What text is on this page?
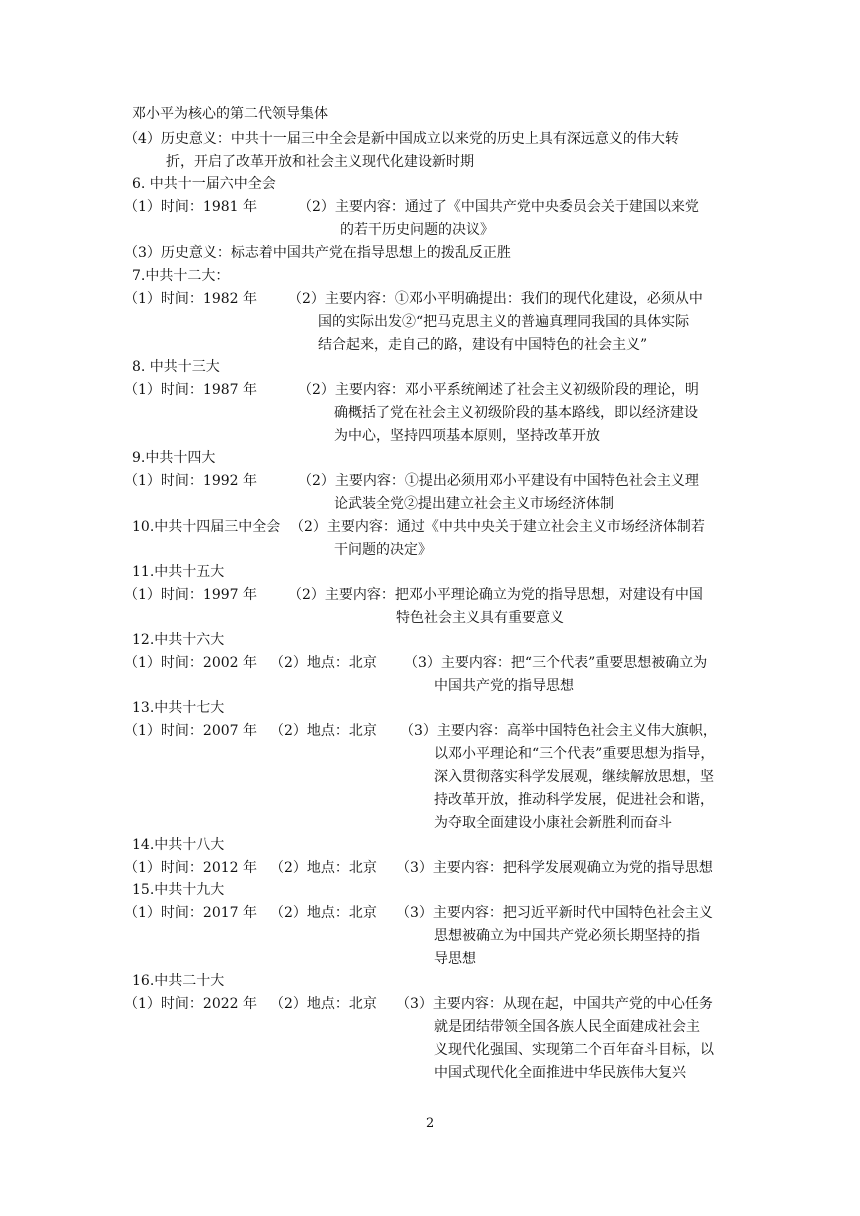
邓小平为核心的第二代领导集体
（4）历史意义：中共十一届三中全会是新中国成立以来党的历史上具有深远意义的伟大转
折，开启了改革开放和社会主义现代化建设新时期
6. 中共十一届六中全会
（1）时间：1981 年	（2）主要内容：通过了《中国共产党中央委员会关于建国以来党
的若干历史问题的决议》
（3）历史意义：标志着中国共产党在指导思想上的拨乱反正胜
7.中共十二大：
（1）时间：1982 年 （2）主要内容：①邓小平明确提出：我们的现代化建设，必须从中
国的实际出发②“把马克思主义的普遍真理同我国的具体实际
结合起来，走自己的路，建设有中国特色的社会主义”
8. 中共十三大
（1）时间：1987 年	（2）主要内容：邓小平系统阐述了社会主义初级阶段的理论，明
确概括了党在社会主义初级阶段的基本路线，即以经济建设
为中心，坚持四项基本原则，坚持改革开放
9.中共十四大
（1）时间：1992 年	（2）主要内容：①提出必须用邓小平建设有中国特色社会主义理
论武装全党②提出建立社会主义市场经济体制
10.中共十四届三中全会 （2）主要内容：通过《中共中央关于建立社会主义市场经济体制若
干问题的决定》
11.中共十五大
（1）时间：1997 年 （2）主要内容：把邓小平理论确立为党的指导思想，对建设有中国
特色社会主义具有重要意义
12.中共十六大
（1）时间：2002 年 （2）地点：北京 （3）主要内容：把“三个代表”重要思想被确立为
中国共产党的指导思想
13.中共十七大
（1）时间：2007 年 （2）地点：北京 （3）主要内容：高举中国特色社会主义伟大旗帜，
以邓小平理论和“三个代表”重要思想为指导，
深入贯彻落实科学发展观，继续解放思想，坚
持改革开放，推动科学发展，促进社会和谐，
为夺取全面建设小康社会新胜利而奋斗
14.中共十八大
（1）时间：2012 年 （2）地点：北京 （3）主要内容：把科学发展观确立为党的指导思想
15.中共十九大
（1）时间：2017 年 （2）地点：北京 （3）主要内容：把习近平新时代中国特色社会主义
思想被确立为中国共产党必须长期坚持的指
导思想
16.中共二十大
（1）时间：2022 年 （2）地点：北京 （3）主要内容：从现在起，中国共产党的中心任务
就是团结带领全国各族人民全面建成社会主
义现代化强国、实现第二个百年奋斗目标，以
中国式现代化全面推进中华民族伟大复兴
2
